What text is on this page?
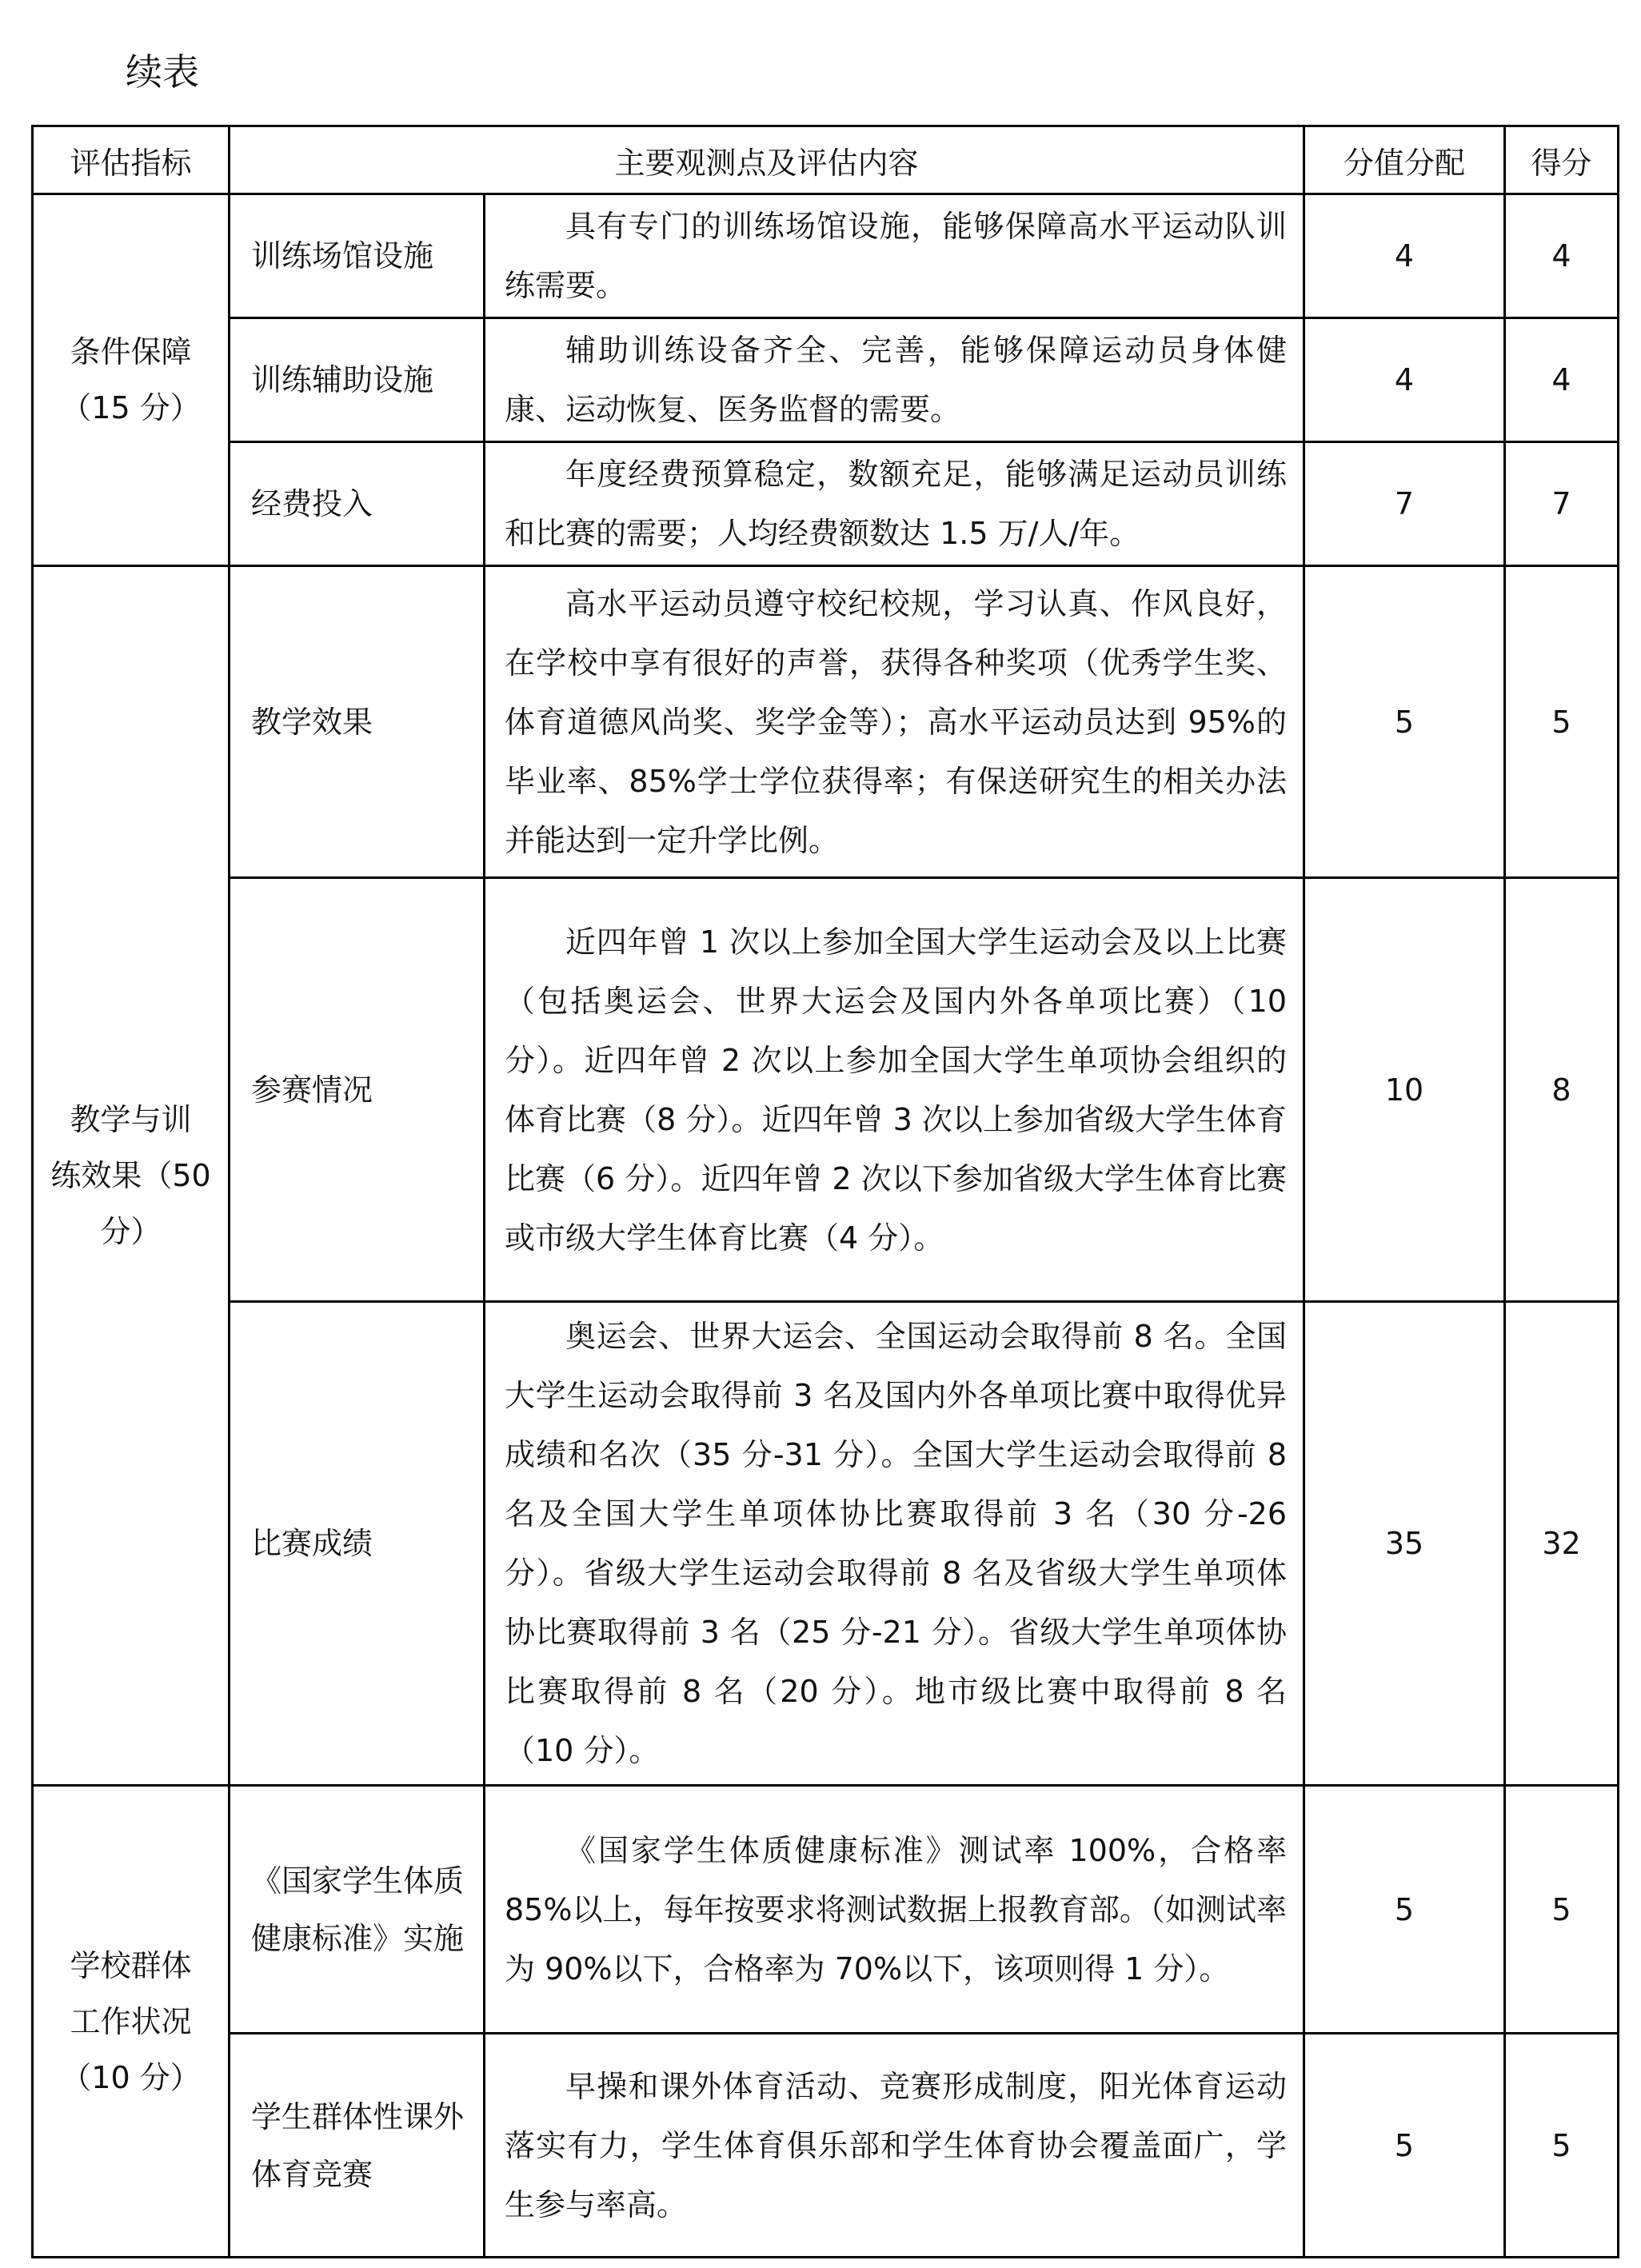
续表
评估指标	主要观测点及评估内容		分值分配	得分

条件保障
（15 分）	训练场馆设施	具有专门的训练场馆设施，能够保障高水平运动队训练需要。	4	4
	训练辅助设施	辅助训练设备齐全、完善，能够保障运动员身体健康、运动恢复、医务监督的需要。	4	4
	经费投入	年度经费预算稳定，数额充足，能够满足运动员训练和比赛的需要；人均经费额数达 1.5 万/人/年。	7	7

教学与训
练效果（50
分）	教学效果	高水平运动员遵守校纪校规，学习认真、作风良好，在学校中享有很好的声誉，获得各种奖项（优秀学生奖、体育道德风尚奖、奖学金等）；高水平运动员达到 95%的毕业率、85%学士学位获得率；有保送研究生的相关办法并能达到一定升学比例。	5	5
	参赛情况	近四年曾 1 次以上参加全国大学生运动会及以上比赛（包括奥运会、世界大运会及国内外各单项比赛）（10 分）。近四年曾 2 次以上参加全国大学生单项协会组织的体育比赛（8 分）。近四年曾 3 次以上参加省级大学生体育比赛（6 分）。近四年曾 2 次以下参加省级大学生体育比赛或市级大学生体育比赛（4 分）。	10	8
	比赛成绩	奥运会、世界大运会、全国运动会取得前 8 名。全国大学生运动会取得前 3 名及国内外各单项比赛中取得优异成绩和名次（35 分-31 分）。全国大学生运动会取得前 8 名及全国大学生单项体协比赛取得前 3 名（30 分-26 分）。省级大学生运动会取得前 8 名及省级大学生单项体协比赛取得前 3 名（25 分-21 分）。省级大学生单项体协比赛取得前 8 名（20 分）。地市级比赛中取得前 8 名（10 分）。	35	32

学校群体
工作状况
（10 分）	《国家学生体质健康标准》实施	《国家学生体质健康标准》测试率 100%，合格率 85%以上，每年按要求将测试数据上报教育部。（如测试率为 90%以下，合格率为 70%以下，该项则得 1 分）。	5	5
	学生群体性课外体育竞赛	早操和课外体育活动、竞赛形成制度，阳光体育运动落实有力，学生体育俱乐部和学生体育协会覆盖面广，学生参与率高。	5	5
